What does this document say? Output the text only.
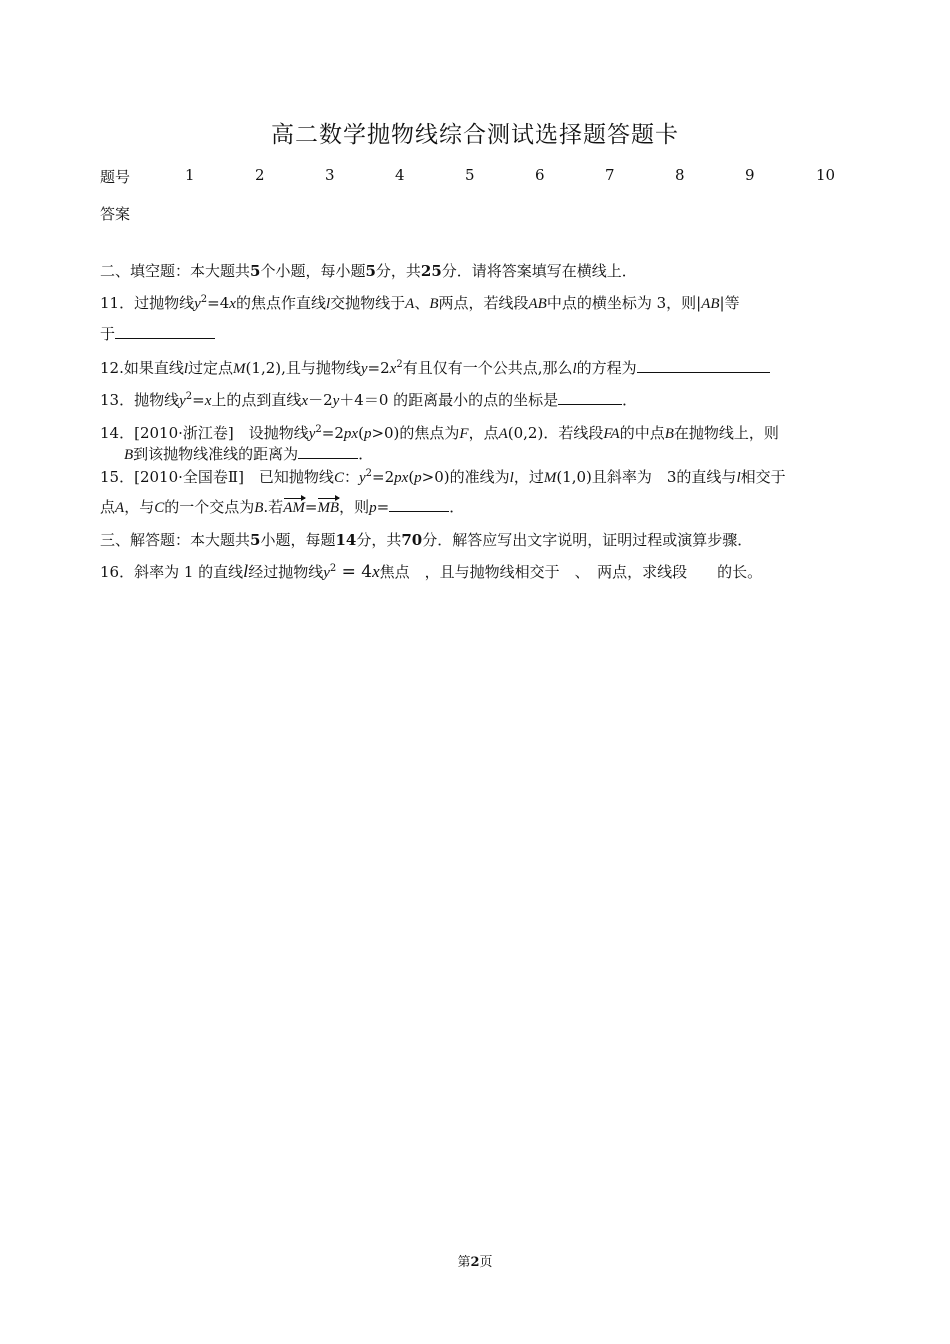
高二数学抛物线综合测试选择题答题卡
题号	1	2	3	4	5	6	7	8	9	10
答案
二、填空题：本大题共5个小题，每小题5分，共25分．请将答案填写在横线上．
11．过抛物线$y^2=4x$的焦点作直线l交抛物线于A、B两点，若线段AB中点的横坐标为 3，则|AB|等
于
12.如果直线l过定点M(1,2),且与抛物线$y=2x^2$有且仅有一个公共点,那么l的方程为
13．抛物线$y^2=x$上的点到直线x－2y＋4＝0 的距离最小的点的坐标是	．
14．[2010·浙江卷]　设抛物线$y^2=2px(p>0)$的焦点为F，点A(0,2)．若线段FA的中点B在抛物线上，则
B到该抛物线准线的距离为	．
15．[2010·全国卷Ⅱ]　已知抛物线C：$y^2=2px(p>0)$的准线为l，过M(1,0)且斜率为　3的直线与l相交于
点A，与C的一个交点为B.若AM=MB，则p=	．
三、解答题：本大题共5小题，每题14分，共70分．解答应写出文字说明，证明过程或演算步骤．
16．斜率为 1 的直线l经过抛物线$y^2 = 4x$焦点　，且与抛物线相交于　、　两点，求线段　　的长。
第2页
